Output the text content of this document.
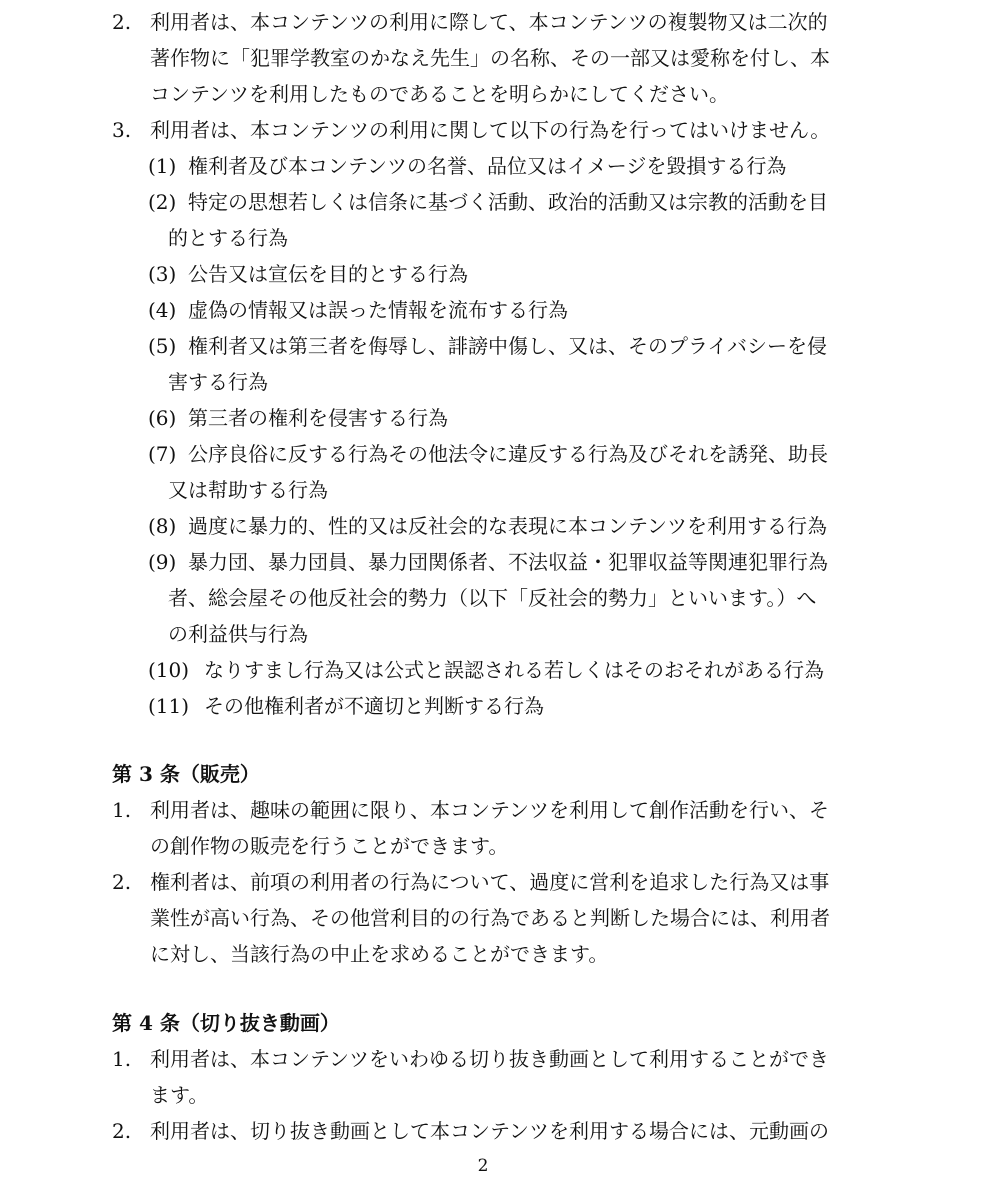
2. 利用者は、本コンテンツの利用に際して、本コンテンツの複製物又は二次的
著作物に「犯罪学教室のかなえ先生」の名称、その一部又は愛称を付し、本
コンテンツを利用したものであることを明らかにしてください。
3. 利用者は、本コンテンツの利用に関して以下の行為を行ってはいけません。
(1) 権利者及び本コンテンツの名誉、品位又はイメージを毀損する行為
(2) 特定の思想若しくは信条に基づく活動、政治的活動又は宗教的活動を目
的とする行為
(3) 公告又は宣伝を目的とする行為
(4) 虚偽の情報又は誤った情報を流布する行為
(5) 権利者又は第三者を侮辱し、誹謗中傷し、又は、そのプライバシーを侵
害する行為
(6) 第三者の権利を侵害する行為
(7) 公序良俗に反する行為その他法令に違反する行為及びそれを誘発、助長
又は幇助する行為
(8) 過度に暴力的、性的又は反社会的な表現に本コンテンツを利用する行為
(9) 暴力団、暴力団員、暴力団関係者、不法収益・犯罪収益等関連犯罪行為
者、総会屋その他反社会的勢力（以下「反社会的勢力」といいます。）へ
の利益供与行為
(10) なりすまし行為又は公式と誤認される若しくはそのおそれがある行為
(11) その他権利者が不適切と判断する行為
第 3 条（販売）
1. 利用者は、趣味の範囲に限り、本コンテンツを利用して創作活動を行い、そ
の創作物の販売を行うことができます。
2. 権利者は、前項の利用者の行為について、過度に営利を追求した行為又は事
業性が高い行為、その他営利目的の行為であると判断した場合には、利用者
に対し、当該行為の中止を求めることができます。
第 4 条（切り抜き動画）
1. 利用者は、本コンテンツをいわゆる切り抜き動画として利用することができ
ます。
2. 利用者は、切り抜き動画として本コンテンツを利用する場合には、元動画の
2
